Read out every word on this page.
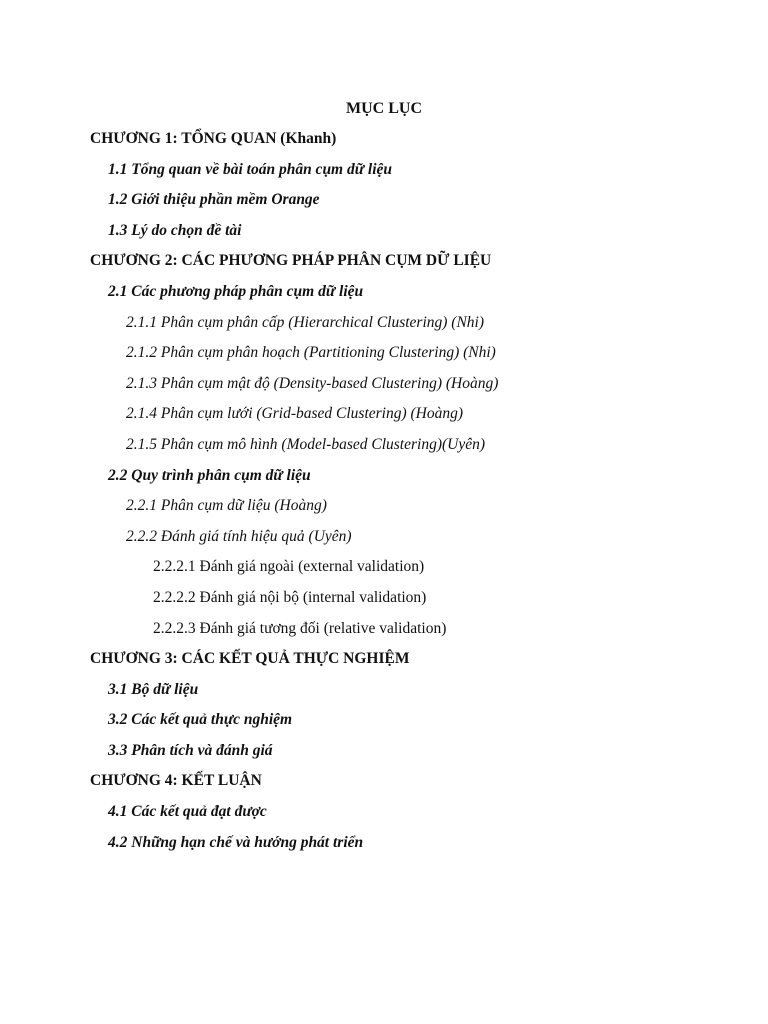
MỤC LỤC
CHƯƠNG 1: TỔNG QUAN (Khanh)
1.1 Tổng quan về bài toán phân cụm dữ liệu
1.2 Giới thiệu phần mềm Orange
1.3 Lý do chọn đề tài
CHƯƠNG 2: CÁC PHƯƠNG PHÁP PHÂN CỤM DỮ LIỆU
2.1 Các phương pháp phân cụm dữ liệu
2.1.1 Phân cụm phân cấp (Hierarchical Clustering) (Nhi)
2.1.2 Phân cụm phân hoạch (Partitioning Clustering) (Nhi)
2.1.3 Phân cụm mật độ (Density-based Clustering) (Hoàng)
2.1.4 Phân cụm lưới (Grid-based Clustering) (Hoàng)
2.1.5 Phân cụm mô hình (Model-based Clustering)(Uyên)
2.2 Quy trình phân cụm dữ liệu
2.2.1 Phân cụm dữ liệu (Hoàng)
2.2.2 Đánh giá tính hiệu quả (Uyên)
2.2.2.1 Đánh giá ngoài (external validation)
2.2.2.2 Đánh giá nội bộ (internal validation)
2.2.2.3 Đánh giá tương đối (relative validation)
CHƯƠNG 3: CÁC KẾT QUẢ THỰC NGHIỆM
3.1 Bộ dữ liệu
3.2 Các kết quả thực nghiệm
3.3 Phân tích và đánh giá
CHƯƠNG 4: KẾT LUẬN
4.1 Các kết quả đạt được
4.2 Những hạn chế và hướng phát triển
